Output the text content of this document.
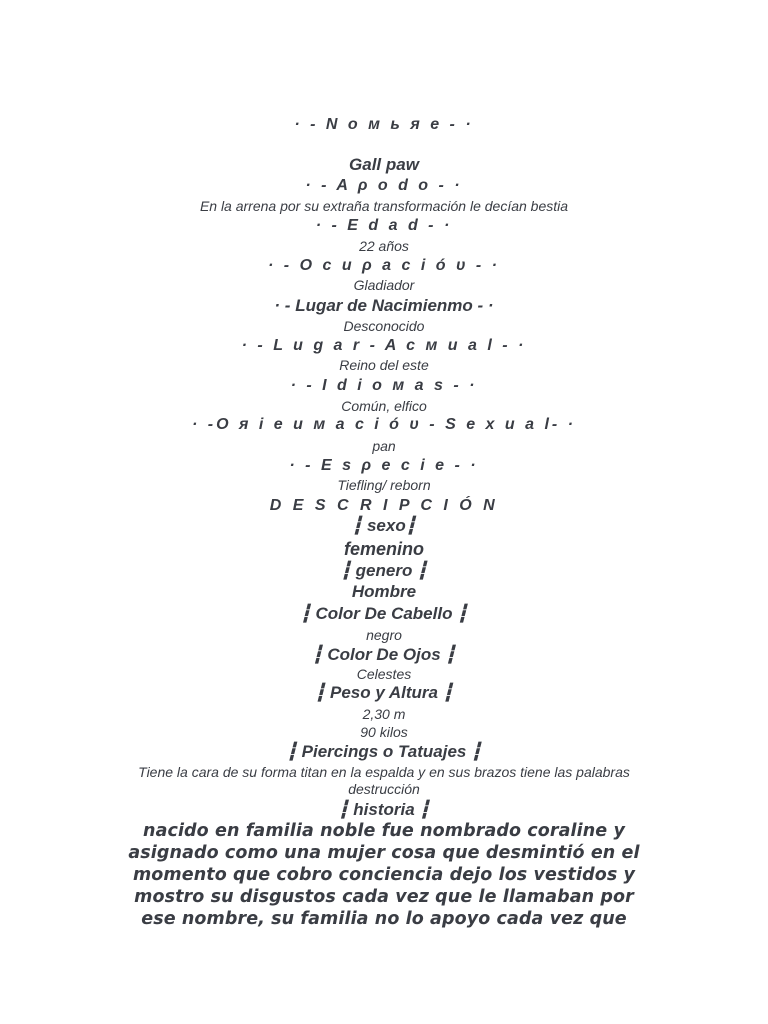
· - N o м ь я e - ·
Gall paw
· - A ρ o d o - ·
En la arrena por su extraña transformación le decían bestia
· - E d a d - ·
22 años
· - O c u ρ a c i ó υ - ·
Gladiador
· - Lugar de Nacimienmo - ·
Desconocido
· - L u g a r - A c м u a l - ·
Reino del este
· - I d i o м a s - ·
Común, elfico
· -O я i e u м a c i ó υ - S e x u a l- ·
pan
· - E s ρ e c i e - ·
Tiefling/ reborn
D E S C R I P C I Ó N
┇ sexo┇
femenino
┇ genero ┇
Hombre
┇ Color De Cabello ┇
negro
┇ Color De Ojos ┇
Celestes
┇ Peso y Altura ┇
2,30 m
90 kilos
┇ Piercings o Tatuajes ┇
Tiene la cara de su forma titan en la espalda y en sus brazos tiene las palabras destrucción
┇ historia ┇
nacido en familia noble fue nombrado coraline y asignado como una mujer cosa que desmintió en el momento que cobro conciencia dejo los vestidos y mostro su disgustos cada vez que le llamaban por ese nombre, su familia no lo apoyo cada vez que
